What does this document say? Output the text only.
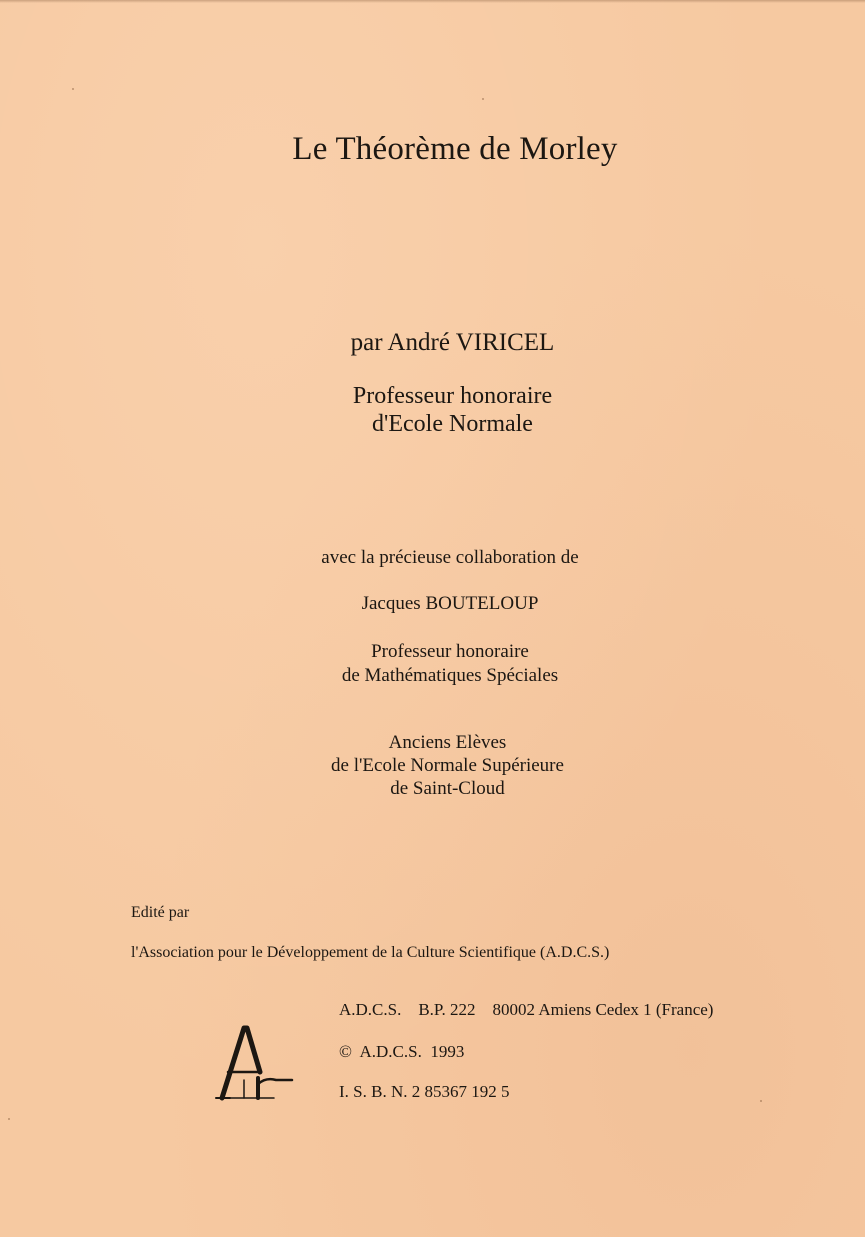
Le Théorème de Morley
par André VIRICEL
Professeur honoraire
d'Ecole Normale
avec la précieuse collaboration de
Jacques BOUTELOUP
Professeur honoraire
de Mathématiques Spéciales
Anciens Elèves
de l'Ecole Normale Supérieure
de Saint-Cloud
Edité par
l'Association pour le Développement de la Culture Scientifique (A.D.C.S.)
A.D.C.S.    B.P. 222    80002 Amiens Cedex 1 (France)
©  A.D.C.S.  1993
I. S. B. N. 2 85367 192 5
